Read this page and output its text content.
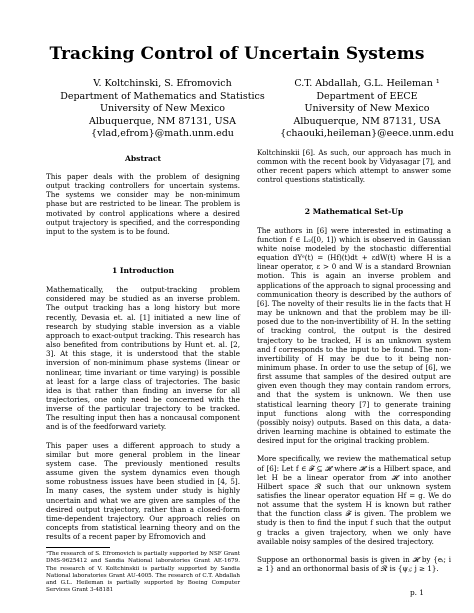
Tracking Control of Uncertain Systems
V. Koltchinski, S. Efromovich
Department of Mathematics and Statistics
University of New Mexico
Albuquerque, NM 87131, USA
{vlad,efrom}@math.unm.edu
C.T. Abdallah, G.L. Heileman ¹
Department of EECE
University of New Mexico
Albuquerque, NM 87131, USA
{chaouki,heileman}@eece.unm.edu
Abstract

This paper deals with the problem of designing output tracking controllers for uncertain systems. The systems we consider may be non-minimum phase but are restricted to be linear. The problem is motivated by control applications where a desired output trajectory is specified, and the corresponding input to the system is to be found.

1 Introduction

Mathematically, the output-tracking problem considered may be studied as an inverse problem. The output tracking has a long history but more recently, Devasia et. al. [1] initiated a new line of research by studying stable inversion as a viable approach to exact-output tracking. This research has also benefited from contributions by Hunt et. al. [2, 3]. At this stage, it is understood that the stable inversion of non-minimum phase systems (linear or nonlinear, time invariant or time varying) is possible at least for a large class of trajectories. The basic idea is that rather than finding an inverse for all trajectories, one only need be concerned with the inverse of the particular trajectory to be tracked. The resulting input then has a noncausal component and is of the feedforward variety.

This paper uses a different approach to study a similar but more general problem in the linear system case. The previously mentioned results assume given the system dynamics even though some robustness issues have been studied in [4, 5]. In many cases, the system under study is highly uncertain and what we are given are samples of the desired output trajectory, rather than a closed-form time-dependent trajectory. Our approach relies on concepts from statistical learning theory and on the results of a recent paper by Efromovich and

¹The research of S. Efromovich is partially supported by NSF Grant DMS-9625412 and Sandia National laboratories Grant AE-1679. The research of V. Koltchinskii is partially supported by Sandia National laboratories Grant AU-4005. The research of C.T. Abdallah and G.L. Heileman is partially supported by Boeing Computer Services Grant 3-48181

Koltchinskii [6]. As such, our approach has much in common with the recent book by Vidyasagar [7], and other recent papers which attempt to answer some control questions statistically.

2 Mathematical Set-Up

The authors in [6] were interested in estimating a function f ∈ L₂([0, 1]) which is observed in Gaussian white noise modeled by the stochastic differential equation dYᵉ(t) = (Hf)(t)dt + εdW(t) where H is a linear operator, ε > 0 and W is a standard Brownian motion. This is again an inverse problem and applications of the approach to signal processing and communication theory is described by the authors of [6]. The novelty of their results lie in the facts that H may be unknown and that the problem may be ill-posed due to the non-invertibility of H. In the setting of tracking control, the output is the desired trajectory to be tracked, H is an unknown system and f corresponds to the input to be found. The non-invertibility of H may be due to it being non-minimum phase. In order to use the setup of [6], we first assume that samples of the desired output are given even though they may contain random errors, and that the system is unknown. We then use statistical learning theory [7] to generate training input functions along with the corresponding (possibly noisy) outputs. Based on this data, a data-driven learning machine is obtained to estimate the desired input for the original tracking problem.

More specifically, we review the mathematical setup of [6]: Let f ∈ 𝓕 ⊆ 𝓗 where 𝓗 is a Hilbert space, and let H be a linear operator from 𝓗 into another Hilbert space 𝓡 such that our unknown system satisfies the linear operator equation Hf = g. We do not assume that the system H is known but rather that the function class 𝓕 is given. The problem we study is then to find the input f such that the output g tracks a given trajectory, when we only have available noisy samples of the desired trajectory.

Suppose an orthonormal basis is given in 𝓗 by {eᵢ; i ≥ 1} and an orthonormal basis of 𝓡 is {ψⱼ; j ≥ 1}.

p. 1
